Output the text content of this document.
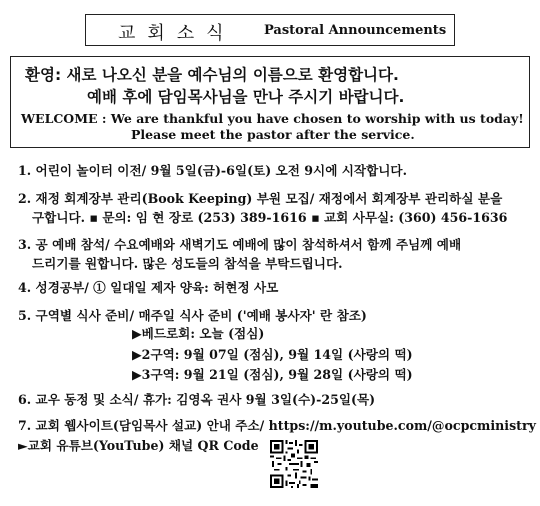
교회소식 Pastoral Announcements
환영: 새로 나오신 분을 예수님의 이름으로 환영합니다.
예배 후에 담임목사님을 만나 주시기 바랍니다.
WELCOME : We are thankful you have chosen to worship with us today!
Please meet the pastor after the service.
1. 어린이 놀이터 이전/ 9월 5일(금)-6일(토) 오전 9시에 시작합니다.
2. 재정 회계장부 관리(Book Keeping) 부원 모집/ 재정에서 회계장부 관리하실 분을
구합니다. ▪ 문의: 임 현 장로 (253) 389-1616 ▪ 교회 사무실: (360) 456-1636
3. 공 예배 참석/ 수요예배와 새벽기도 예배에 많이 참석하셔서 함께 주님께 예배
드리기를 원합니다. 많은 성도들의 참석을 부탁드립니다.
4. 성경공부/ ① 일대일 제자 양육: 허현정 사모
5. 구역별 식사 준비/ 매주일 식사 준비 ('예배 봉사자' 란 참조)
▶베드로회: 오늘 (점심)
▶2구역: 9월 07일 (점심), 9월 14일 (사랑의 떡)
▶3구역: 9월 21일 (점심), 9월 28일 (사랑의 떡)
6. 교우 동정 및 소식/ 휴가: 김영옥 권사 9월 3일(수)-25일(목)
7. 교회 웹사이트(담임목사 설교) 안내 주소/ https://m.youtube.com/@ocpcministry
►교회 유튜브(YouTube) 채널 QR Code
